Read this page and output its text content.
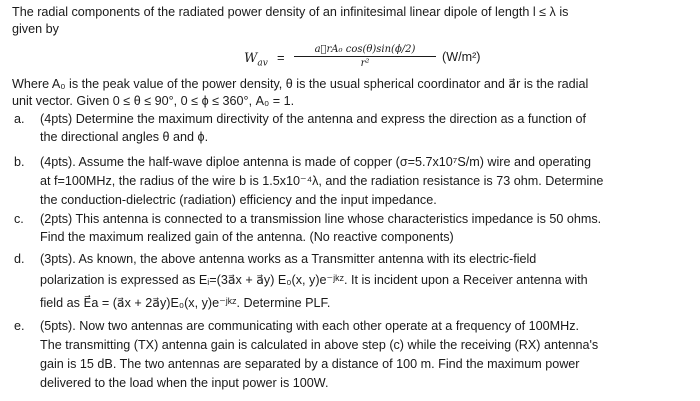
The radial components of the radiated power density of an infinitesimal linear dipole of length l ≤ λ is
given by
$W_{av} = \frac{\text{a⃗rA₀ cos(θ)sin(ϕ/2)}}{\text{r²}} (W/m^2)$
Where A₀ is the peak value of the power density, θ is the usual spherical coordinator and a⃗r is the radial
unit vector. Given 0 ≤ θ ≤ 90°, 0 ≤ ϕ ≤ 360°, A₀ = 1.
a. (4pts) Determine the maximum directivity of the antenna and express the direction as a function of
the directional angles θ and ϕ.
b. (4pts). Assume the half-wave diploe antenna is made of copper (σ=5.7x10⁷S/m) wire and operating
at f=100MHz, the radius of the wire b is 1.5x10⁻⁴λ, and the radiation resistance is 73 ohm. Determine
the conduction-dielectric (radiation) efficiency and the input impedance.
c. (2pts) This antenna is connected to a transmission line whose characteristics impedance is 50 ohms.
Find the maximum realized gain of the antenna. (No reactive components)
d. (3pts). As known, the above antenna works as a Transmitter antenna with its electric-field
polarization is expressed as Eᵢ=(3a⃗x + a⃗y) E₀(x, y)e⁻ʲᵏᶻ. It is incident upon a Receiver antenna with
field as E⃗a = (a⃗x + 2a⃗y)E₀(x, y)e⁻ʲᵏᶻ. Determine PLF.
e. (5pts). Now two antennas are communicating with each other operate at a frequency of 100MHz.
The transmitting (TX) antenna gain is calculated in above step (c) while the receiving (RX) antenna's
gain is 15 dB. The two antennas are separated by a distance of 100 m. Find the maximum power
delivered to the load when the input power is 100W.
